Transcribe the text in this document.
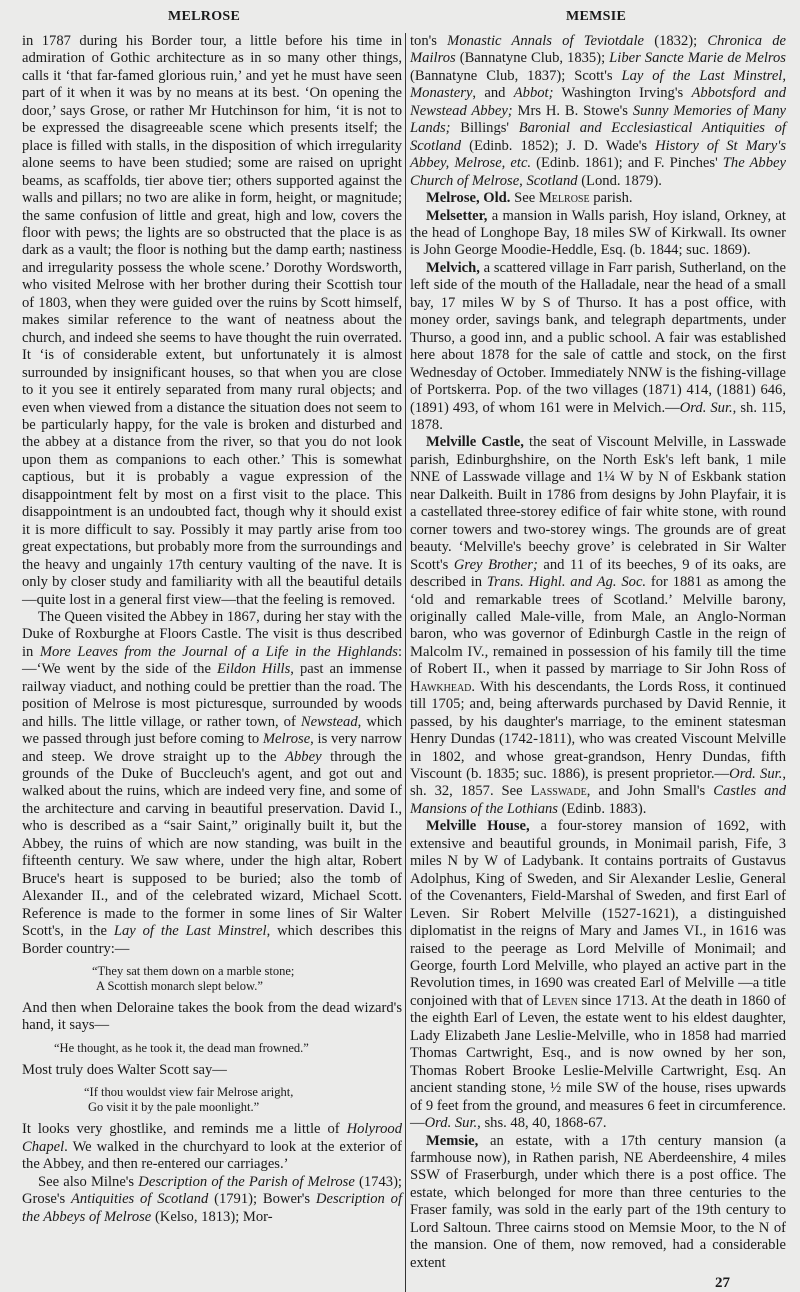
MELROSE	MEMSIE

in 1787 during his Border tour, a little before his time in admiration of Gothic architecture as in so many other things, calls it ‘that far-famed glorious ruin,’ and yet he must have seen part of it when it was by no means at its best. ‘On opening the door,’ says Grose, or rather Mr Hutchinson for him, ‘it is not to be expressed the disagreeable scene which presents itself; the place is filled with stalls, in the disposition of which irregularity alone seems to have been studied; some are raised on upright beams, as scaffolds, tier above tier; others supported against the walls and pillars; no two are alike in form, height, or magnitude; the same confusion of little and great, high and low, covers the floor with pews; the lights are so obstructed that the place is as dark as a vault; the floor is nothing but the damp earth; nastiness and irregularity possess the whole scene.’ Dorothy Wordsworth, who visited Melrose with her brother during their Scottish tour of 1803, when they were guided over the ruins by Scott himself, makes similar reference to the want of neatness about the church, and indeed she seems to have thought the ruin overrated. It ‘is of considerable extent, but unfortunately it is almost surrounded by insignificant houses, so that when you are close to it you see it entirely separated from many rural objects; and even when viewed from a distance the situation does not seem to be particularly happy, for the vale is broken and disturbed and the abbey at a distance from the river, so that you do not look upon them as companions to each other.’ This is somewhat captious, but it is probably a vague expression of the disappointment felt by most on a first visit to the place. This disappointment is an undoubted fact, though why it should exist it is more difficult to say. Possibly it may partly arise from too great expectations, but probably more from the surroundings and the heavy and ungainly 17th century vaulting of the nave. It is only by closer study and familiarity with all the beautiful details—quite lost in a general first view—that the feeling is removed.

The Queen visited the Abbey in 1867, during her stay with the Duke of Roxburghe at Floors Castle. The visit is thus described in More Leaves from the Journal of a Life in the Highlands:—‘We went by the side of the Eildon Hills, past an immense railway viaduct, and nothing could be prettier than the road. The position of Melrose is most picturesque, surrounded by woods and hills. The little village, or rather town, of Newstead, which we passed through just before coming to Melrose, is very narrow and steep. We drove straight up to the Abbey through the grounds of the Duke of Buccleuch's agent, and got out and walked about the ruins, which are indeed very fine, and some of the architecture and carving in beautiful preservation. David I., who is described as a “sair Saint,” originally built it, but the Abbey, the ruins of which are now standing, was built in the fifteenth century. We saw where, under the high altar, Robert Bruce's heart is supposed to be buried; also the tomb of Alexander II., and of the celebrated wizard, Michael Scott. Reference is made to the former in some lines of Sir Walter Scott's, in the Lay of the Last Minstrel, which describes this Border country:—

“They sat them down on a marble stone;
A Scottish monarch slept below.”

And then when Deloraine takes the book from the dead wizard's hand, it says—

“He thought, as he took it, the dead man frowned.”

Most truly does Walter Scott say—

“If thou wouldst view fair Melrose aright,
Go visit it by the pale moonlight.”

It looks very ghostlike, and reminds me a little of Holyrood Chapel. We walked in the churchyard to look at the exterior of the Abbey, and then re-entered our carriages.’

See also Milne's Description of the Parish of Melrose (1743); Grose's Antiquities of Scotland (1791); Bower's Description of the Abbeys of Melrose (Kelso, 1813); Mor-

ton's Monastic Annals of Teviotdale (1832); Chronica de Mailros (Bannatyne Club, 1835); Liber Sancte Marie de Melros (Bannatyne Club, 1837); Scott's Lay of the Last Minstrel, Monastery, and Abbot; Washington Irving's Abbotsford and Newstead Abbey; Mrs H. B. Stowe's Sunny Memories of Many Lands; Billings' Baronial and Ecclesiastical Antiquities of Scotland (Edinb. 1852); J. D. Wade's History of St Mary's Abbey, Melrose, etc. (Edinb. 1861); and F. Pinches' The Abbey Church of Melrose, Scotland (Lond. 1879).

Melrose, Old. See Melrose parish.

Melsetter, a mansion in Walls parish, Hoy island, Orkney, at the head of Longhope Bay, 18 miles SW of Kirkwall. Its owner is John George Moodie-Heddle, Esq. (b. 1844; suc. 1869).

Melvich, a scattered village in Farr parish, Sutherland, on the left side of the mouth of the Halladale, near the head of a small bay, 17 miles W by S of Thurso. It has a post office, with money order, savings bank, and telegraph departments, under Thurso, a good inn, and a public school. A fair was established here about 1878 for the sale of cattle and stock, on the first Wednesday of October. Immediately NNW is the fishing-village of Portskerra. Pop. of the two villages (1871) 414, (1881) 646, (1891) 493, of whom 161 were in Melvich.—Ord. Sur., sh. 115, 1878.

Melville Castle, the seat of Viscount Melville, in Lasswade parish, Edinburghshire, on the North Esk's left bank, 1 mile NNE of Lasswade village and 1¼ W by N of Eskbank station near Dalkeith. Built in 1786 from designs by John Playfair, it is a castellated three-storey edifice of fair white stone, with round corner towers and two-storey wings. The grounds are of great beauty. ‘Melville's beechy grove’ is celebrated in Sir Walter Scott's Grey Brother; and 11 of its beeches, 9 of its oaks, are described in Trans. Highl. and Ag. Soc. for 1881 as among the ‘old and remarkable trees of Scotland.’ Melville barony, originally called Male-ville, from Male, an Anglo-Norman baron, who was governor of Edinburgh Castle in the reign of Malcolm IV., remained in possession of his family till the time of Robert II., when it passed by marriage to Sir John Ross of Hawkhead. With his descendants, the Lords Ross, it continued till 1705; and, being afterwards purchased by David Rennie, it passed, by his daughter's marriage, to the eminent statesman Henry Dundas (1742-1811), who was created Viscount Melville in 1802, and whose great-grandson, Henry Dundas, fifth Viscount (b. 1835; suc. 1886), is present proprietor.—Ord. Sur., sh. 32, 1857. See Lasswade, and John Small's Castles and Mansions of the Lothians (Edinb. 1883).

Melville House, a four-storey mansion of 1692, with extensive and beautiful grounds, in Monimail parish, Fife, 3 miles N by W of Ladybank. It contains portraits of Gustavus Adolphus, King of Sweden, and Sir Alexander Leslie, General of the Covenanters, Field-Marshal of Sweden, and first Earl of Leven. Sir Robert Melville (1527-1621), a distinguished diplomatist in the reigns of Mary and James VI., in 1616 was raised to the peerage as Lord Melville of Monimail; and George, fourth Lord Melville, who played an active part in the Revolution times, in 1690 was created Earl of Melville —a title conjoined with that of Leven since 1713. At the death in 1860 of the eighth Earl of Leven, the estate went to his eldest daughter, Lady Elizabeth Jane Leslie-Melville, who in 1858 had married Thomas Cartwright, Esq., and is now owned by her son, Thomas Robert Brooke Leslie-Melville Cartwright, Esq. An ancient standing stone, ½ mile SW of the house, rises upwards of 9 feet from the ground, and measures 6 feet in circumference.—Ord. Sur., shs. 48, 40, 1868-67.

Memsie, an estate, with a 17th century mansion (a farmhouse now), in Rathen parish, NE Aberdeenshire, 4 miles SSW of Fraserburgh, under which there is a post office. The estate, which belonged for more than three centuries to the Fraser family, was sold in the early part of the 19th century to Lord Saltoun. Three cairns stood on Memsie Moor, to the N of the mansion. One of them, now removed, had a considerable extent

27
